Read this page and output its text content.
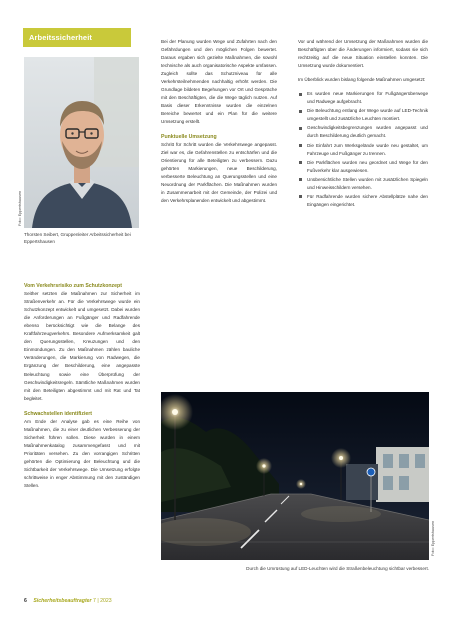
Arbeitssicherheit
Foto: Eppertshausen
Thorsten Seibert, Gruppenleiter Arbeitssicherheit bei Eppertshausen
Vom Verkehrsrisiko zum Schutzkonzept

Seither setzten die Maßnahmen zur Sicherheit im Straßenverkehr an. Für die Verkehrswege wurde ein Schutzkonzept entwickelt und umgesetzt. Dabei wurden die Anforderungen an Fußgänger und Radfahrende ebenso berücksichtigt wie die Belange des Kraftfahrzeugverkehrs. Besondere Aufmerksamkeit galt den Querungsstellen, Kreuzungen und den Einmündungen. Zu den Maßnahmen zählen bauliche Veränderungen, die Markierung von Radwegen, die Ergänzung der Beschilderung, eine angepasste Beleuchtung sowie eine Überprüfung der Geschwindigkeitsregeln. Sämtliche Maßnahmen wurden mit den Beteiligten abgestimmt und mit Rat und Tat begleitet.

Schwachstellen identifiziert

Am Ende der Analyse gab es eine Reihe von Maßnahmen, die zu einer deutlichen Verbesserung der Sicherheit führen sollen. Diese wurden in einem Maßnahmenkatalog zusammengefasst und mit Prioritäten versehen. Zu den vorrangigen Schritten gehörten die Optimierung der Beleuchtung und die Sichtbarkeit der Verkehrswege. Die Umsetzung erfolgte schrittweise in enger Abstimmung mit den zuständigen Stellen.

Bei der Planung wurden Wege und Zufahrten nach den Gefährdungen und den möglichen Folgen bewertet. Daraus ergaben sich gezielte Maßnahmen, die sowohl technische als auch organisatorische Aspekte umfassen. Zugleich sollte das Schutzniveau für alle Verkehrsteilnehmenden nachhaltig erhöht werden. Die Grundlage bildeten Begehungen vor Ort und Gespräche mit den Beschäftigten, die die Wege täglich nutzen. Auf Basis dieser Erkenntnisse wurden die einzelnen Bereiche bewertet und ein Plan für die weitere Umsetzung erstellt.

Punktuelle Umsetzung

Schritt für Schritt wurden die Verkehrswege angepasst. Ziel war es, die Gefahrenstellen zu entschärfen und die Orientierung für alle Beteiligten zu verbessern. Dazu gehörten Markierungen, neue Beschilderung, verbesserte Beleuchtung an Querungsstellen und eine Neuordnung der Parkflächen. Die Maßnahmen wurden in Zusammenarbeit mit der Gemeinde, der Polizei und den Verkehrsplanenden entwickelt und abgestimmt.

Vor und während der Umsetzung der Maßnahmen wurden die Beschäftigten über die Änderungen informiert, sodass sie sich rechtzeitig auf die neue Situation einstellen konnten. Die Umsetzung wurde dokumentiert.

Im Überblick wurden bislang folgende Maßnahmen umgesetzt:

Es wurden neue Markierungen für Fußgängerüberwege und Radwege aufgebracht.
Die Beleuchtung entlang der Wege wurde auf LED-Technik umgestellt und zusätzliche Leuchten montiert.
Geschwindigkeitsbegrenzungen wurden angepasst und durch Beschilderung deutlich gemacht.
Die Einfahrt zum Werksgelände wurde neu gestaltet, um Fahrzeuge und Fußgänger zu trennen.
Die Parkflächen wurden neu geordnet und Wege für den Fußverkehr klar ausgewiesen.
Unübersichtliche Stellen wurden mit zusätzlichen Spiegeln und Hinweisschildern versehen.
Für Radfahrende wurden sichere Abstellplätze nahe den Eingängen eingerichtet.
Foto: Eppertshausen
Durch die Umrüstung auf LED-Leuchten wird die Straßenbeleuchtung sichtbar verbessert.
6 Sicherheitsbeauftragter 7 | 2023
